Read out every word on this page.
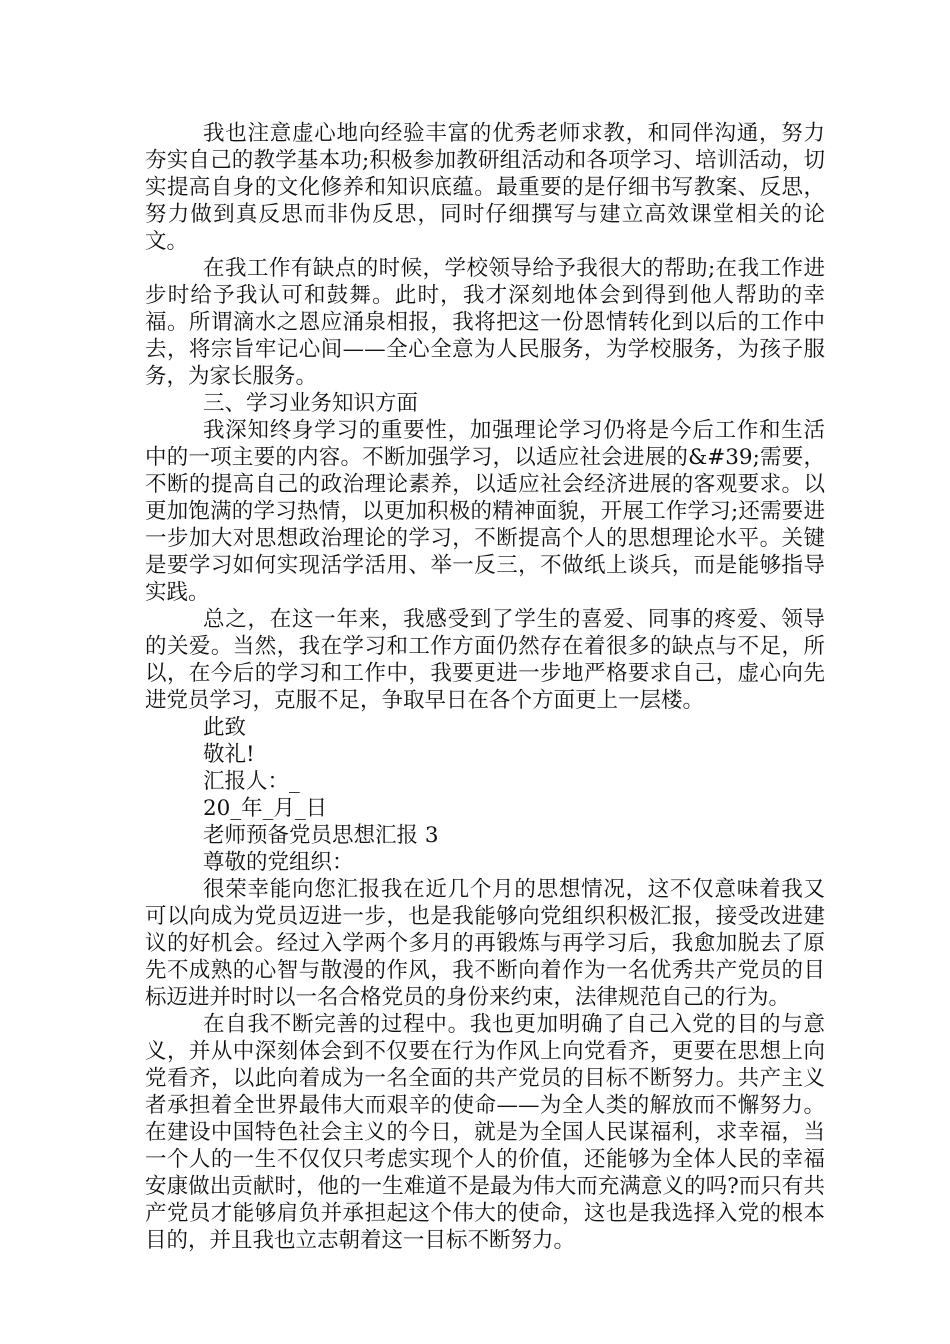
我也注意虚心地向经验丰富的优秀老师求教，和同伴沟通，努力夯实自己的教学基本功;积极参加教研组活动和各项学习、培训活动，切实提高自身的文化修养和知识底蕴。最重要的是仔细书写教案、反思，努力做到真反思而非伪反思，同时仔细撰写与建立高效课堂相关的论文。

在我工作有缺点的时候，学校领导给予我很大的帮助;在我工作进步时给予我认可和鼓舞。此时，我才深刻地体会到得到他人帮助的幸福。所谓滴水之恩应涌泉相报，我将把这一份恩情转化到以后的工作中去，将宗旨牢记心间——全心全意为人民服务，为学校服务，为孩子服务，为家长服务。

三、学习业务知识方面

我深知终身学习的重要性，加强理论学习仍将是今后工作和生活中的一项主要的内容。不断加强学习，以适应社会进展的&#39;需要，不断的提高自己的政治理论素养，以适应社会经济进展的客观要求。以更加饱满的学习热情，以更加积极的精神面貌，开展工作学习;还需要进一步加大对思想政治理论的学习，不断提高个人的思想理论水平。关键是要学习如何实现活学活用、举一反三，不做纸上谈兵，而是能够指导实践。

总之，在这一年来，我感受到了学生的喜爱、同事的疼爱、领导的关爱。当然，我在学习和工作方面仍然存在着很多的缺点与不足，所以，在今后的学习和工作中，我要更进一步地严格要求自己，虚心向先进党员学习，克服不足，争取早日在各个方面更上一层楼。

此致

敬礼!

汇报人：_

20_年_月_日

老师预备党员思想汇报 3

尊敬的党组织：

很荣幸能向您汇报我在近几个月的思想情况，这不仅意味着我又可以向成为党员迈进一步，也是我能够向党组织积极汇报，接受改进建议的好机会。经过入学两个多月的再锻炼与再学习后，我愈加脱去了原先不成熟的心智与散漫的作风，我不断向着作为一名优秀共产党员的目标迈进并时时以一名合格党员的身份来约束，法律规范自己的行为。

在自我不断完善的过程中。我也更加明确了自己入党的目的与意义，并从中深刻体会到不仅要在行为作风上向党看齐，更要在思想上向党看齐，以此向着成为一名全面的共产党员的目标不断努力。共产主义者承担着全世界最伟大而艰辛的使命——为全人类的解放而不懈努力。在建设中国特色社会主义的今日，就是为全国人民谋福利，求幸福，当一个人的一生不仅仅只考虑实现个人的价值，还能够为全体人民的幸福安康做出贡献时，他的一生难道不是最为伟大而充满意义的吗?而只有共产党员才能够肩负并承担起这个伟大的使命，这也是我选择入党的根本目的，并且我也立志朝着这一目标不断努力。
